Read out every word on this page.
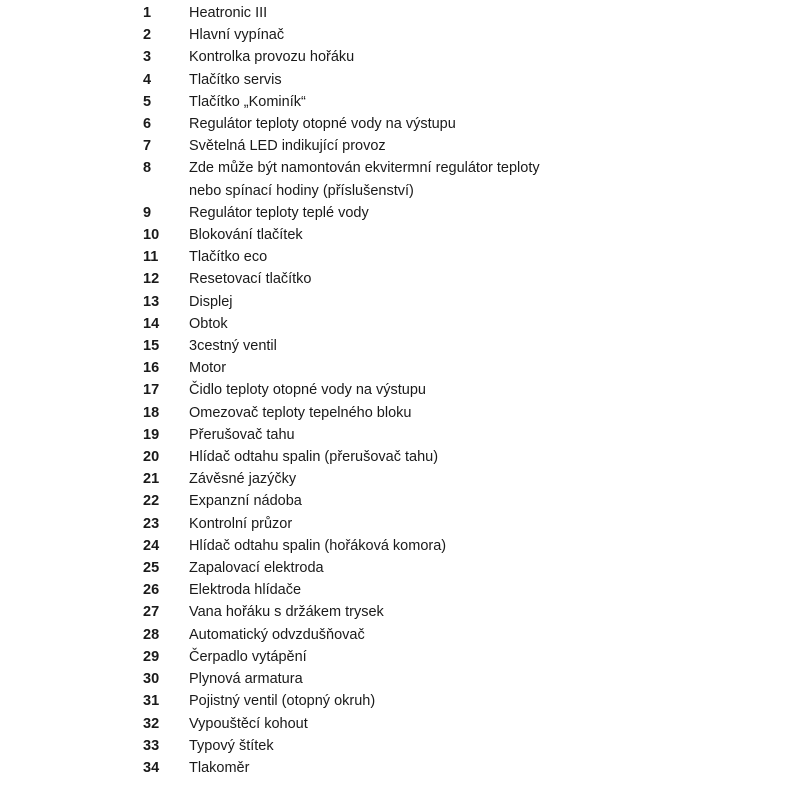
1	Heatronic III
2	Hlavní vypínač
3	Kontrolka provozu hořáku
4	Tlačítko servis
5	Tlačítko „Kominík“
6	Regulátor teploty otopné vody na výstupu
7	Světelná LED indikující provoz
8	Zde může být namontován ekvitermní regulátor teploty
nebo spínací hodiny (příslušenství)
9	Regulátor teploty teplé vody
10	Blokování tlačítek
11	Tlačítko eco
12	Resetovací tlačítko
13	Displej
14	Obtok
15	3cestný ventil
16	Motor
17	Čidlo teploty otopné vody na výstupu
18	Omezovač teploty tepelného bloku
19	Přerušovač tahu
20	Hlídač odtahu spalin (přerušovač tahu)
21	Závěsné jazýčky
22	Expanzní nádoba
23	Kontrolní průzor
24	Hlídač odtahu spalin (hořáková komora)
25	Zapalovací elektroda
26	Elektroda hlídače
27	Vana hořáku s držákem trysek
28	Automatický odvzdušňovač
29	Čerpadlo vytápění
30	Plynová armatura
31	Pojistný ventil (otopný okruh)
32	Vypouštěcí kohout
33	Typový štítek
34	Tlakoměr
